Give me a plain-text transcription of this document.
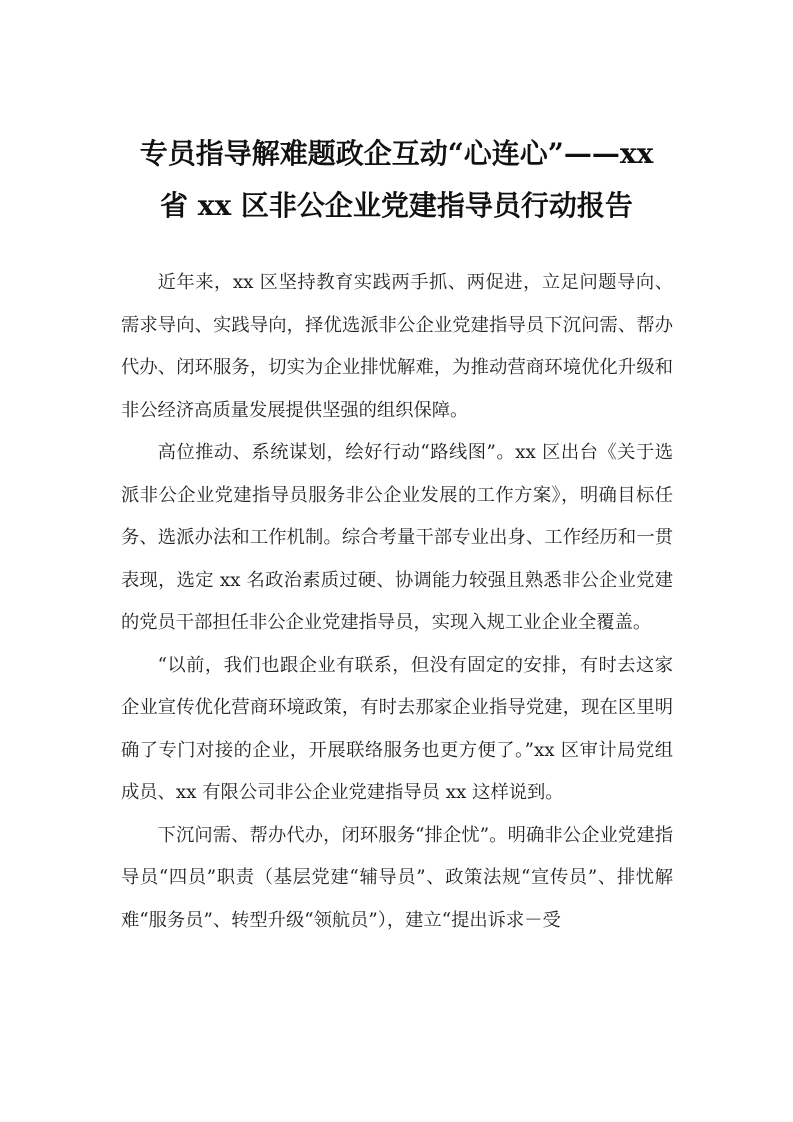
专员指导解难题政企互动“心连心”——xx
省 xx 区非公企业党建指导员行动报告

近年来，xx 区坚持教育实践两手抓、两促进，立足问题导向、需求导向、实践导向，择优选派非公企业党建指导员下沉问需、帮办代办、闭环服务，切实为企业排忧解难，为推动营商环境优化升级和非公经济高质量发展提供坚强的组织保障。

高位推动、系统谋划，绘好行动“路线图”。xx 区出台《关于选派非公企业党建指导员服务非公企业发展的工作方案》，明确目标任务、选派办法和工作机制。综合考量干部专业出身、工作经历和一贯表现，选定 xx 名政治素质过硬、协调能力较强且熟悉非公企业党建的党员干部担任非公企业党建指导员，实现入规工业企业全覆盖。

“以前，我们也跟企业有联系，但没有固定的安排，有时去这家企业宣传优化营商环境政策，有时去那家企业指导党建，现在区里明确了专门对接的企业，开展联络服务也更方便了。”xx 区审计局党组成员、xx 有限公司非公企业党建指导员 xx 这样说到。

下沉问需、帮办代办，闭环服务“排企忧”。明确非公企业党建指导员“四员”职责（基层党建“辅导员”、政策法规“宣传员”、排忧解难“服务员”、转型升级“领航员”），建立“提出诉求－受
